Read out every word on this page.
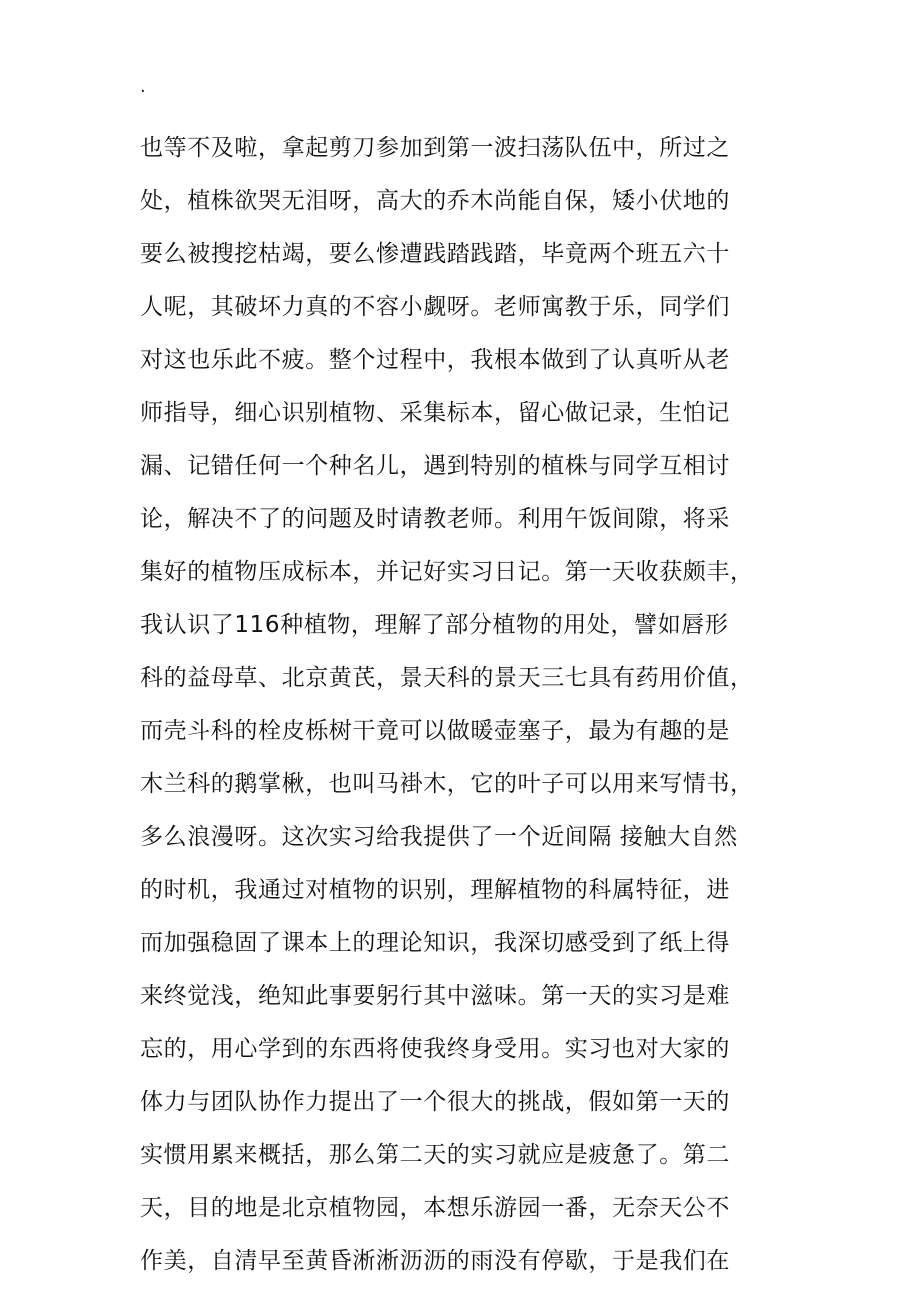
.
也等不及啦，拿起剪刀参加到第一波扫荡队伍中，所过之
处，植株欲哭无泪呀，高大的乔木尚能自保，矮小伏地的
要么被搜挖枯竭，要么惨遭践踏践踏，毕竟两个班五六十
人呢，其破坏力真的不容小觑呀。老师寓教于乐，同学们
对这也乐此不疲。整个过程中，我根本做到了认真听从老
师指导，细心识别植物、采集标本，留心做记录，生怕记
漏、记错任何一个种名儿，遇到特别的植株与同学互相讨
论，解决不了的问题及时请教老师。利用午饭间隙，将采
集好的植物压成标本，并记好实习日记。第一天收获颇丰，
我认识了116种植物，理解了部分植物的用处，譬如唇形
科的益母草、北京黄芪，景天科的景天三七具有药用价值，
而壳斗科的栓皮栎树干竟可以做暖壶塞子，最为有趣的是
木兰科的鹅掌楸，也叫马褂木，它的叶子可以用来写情书，
多么浪漫呀。这次实习给我提供了一个近间隔 接触大自然
的时机，我通过对植物的识别，理解植物的科属特征，进
而加强稳固了课本上的理论知识，我深切感受到了纸上得
来终觉浅，绝知此事要躬行其中滋味。第一天的实习是难
忘的，用心学到的东西将使我终身受用。实习也对大家的
体力与团队协作力提出了一个很大的挑战，假如第一天的
实惯用累来概括，那么第二天的实习就应是疲惫了。第二
天，目的地是北京植物园，本想乐游园一番，无奈天公不
作美，自清早至黄昏淅淅沥沥的雨没有停歇，于是我们在
